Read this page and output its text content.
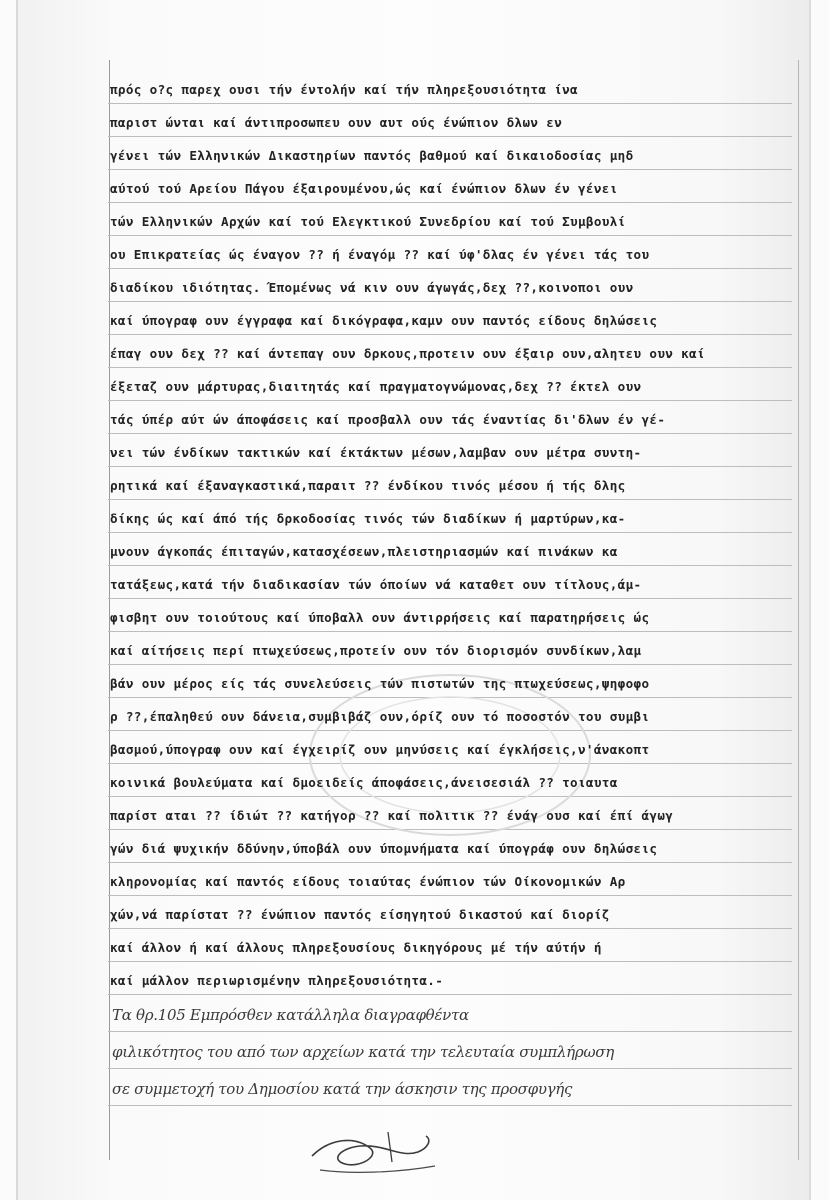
πρός ο?ς παρεχ ουσι τήν έντολήν καί τήν πληρεξουσιότητα ίνα
παριστ ώνται καί άντιπροσωπευ ουν αυτ ούς ένώπιον δλων εν
γένει τών Ελληνικών Δικαστηρίων παντός βαθμού καί δικαιοδοσίας μηδ
αύτού τού Αρείου Πάγου έξαιρουμένου,ώς καί ένώπιον δλων έν γένει
τών Ελληνικών Αρχών καί τού Ελεγκτικού Συνεδρίου καί τού Συμβουλί
ου Επικρατείας ώς έναγον ?? ή έναγόμ ?? καί ύφ'δλας έν γένει τάς του
διαδίκου ιδιότητας. Έπομένως νά κιν ουν άγωγάς,δεχ ??,κοινοποι ουν
καί ύπογραφ ουν έγγραφα καί δικόγραφα,καμν ουν παντός είδους δηλώσεις
έπαγ ουν δεχ ?? καί άντεπαγ ουν δρκους,προτειν ουν έξαιρ ουν,αλητευ ουν καί
έξεταζ ουν μάρτυρας,διαιτητάς καί πραγματογνώμονας,δεχ ?? έκτελ ουν
τάς ύπέρ αύτ ών άποφάσεις καί προσβαλλ ουν τάς έναντίας δι'δλων έν γέ-
νει τών ένδίκων τακτικών καί έκτάκτων μέσων,λαμβαν ουν μέτρα συντη-
ρητικά καί έξαναγκαστικά,παραιτ ?? ένδίκου τινός μέσου ή τής δλης
δίκης ώς καί άπό τής δρκοδοσίας τινός τών διαδίκων ή μαρτύρων,κα-
μνουν άγκοπάς έπιταγών,κατασχέσεων,πλειστηριασμών καί πινάκων κα
τατάξεως,κατά τήν διαδικασίαν τών όποίων νά καταθετ ουν τίτλους,άμ-
φισβητ ουν τοιούτους καί ύποβαλλ ουν άντιρρήσεις καί παρατηρήσεις ώς
καί αίτήσεις περί πτωχεύσεως,προτείν ουν τόν διορισμόν συνδίκων,λαμ
βάν ουν μέρος είς τάς συνελεύσεις τών πιστωτών της πτωχεύσεως,ψηφοφο
ρ ??,έπαληθεύ ουν δάνεια,συμβιβάζ ουν,όρίζ ουν τό ποσοστόν του συμβι
βασμού,ύπογραφ ουν καί έγχειρίζ ουν μηνύσεις καί έγκλήσεις,ν'άνακοπτ
κοινικά βουλεύματα καί δμοειδείς άποφάσεις,άνεισεσιάλ ?? τοιαυτα
παρίστ αται ?? ίδιώτ ?? κατήγορ ?? καί πολιτικ ?? ένάγ ουσ καί έπί άγωγ
γών διά ψυχικήν δδύνην,ύποβάλ ουν ύπομνήματα καί ύπογράφ ουν δηλώσεις
κληρονομίας καί παντός είδους τοιαύτας ένώπιον τών Οίκονομικών Αρ
χών,νά παρίστατ ?? ένώπιον παντός είσηγητού δικαστού καί διορίζ
καί άλλον ή καί άλλους πληρεξουσίους δικηγόρους μέ τήν αύτήν ή
καί μάλλον περιωρισμένην πληρεξουσιότητα.-
Τα θρ.105 Εμπρόσθεν κατάλληλα διαγραφθέντα
φιλικότητος του από των αρχείων κατά την τελευταία συμπλήρωση
σε συμμετοχή του Δημοσίου κατά την άσκησιν της προσφυγής
